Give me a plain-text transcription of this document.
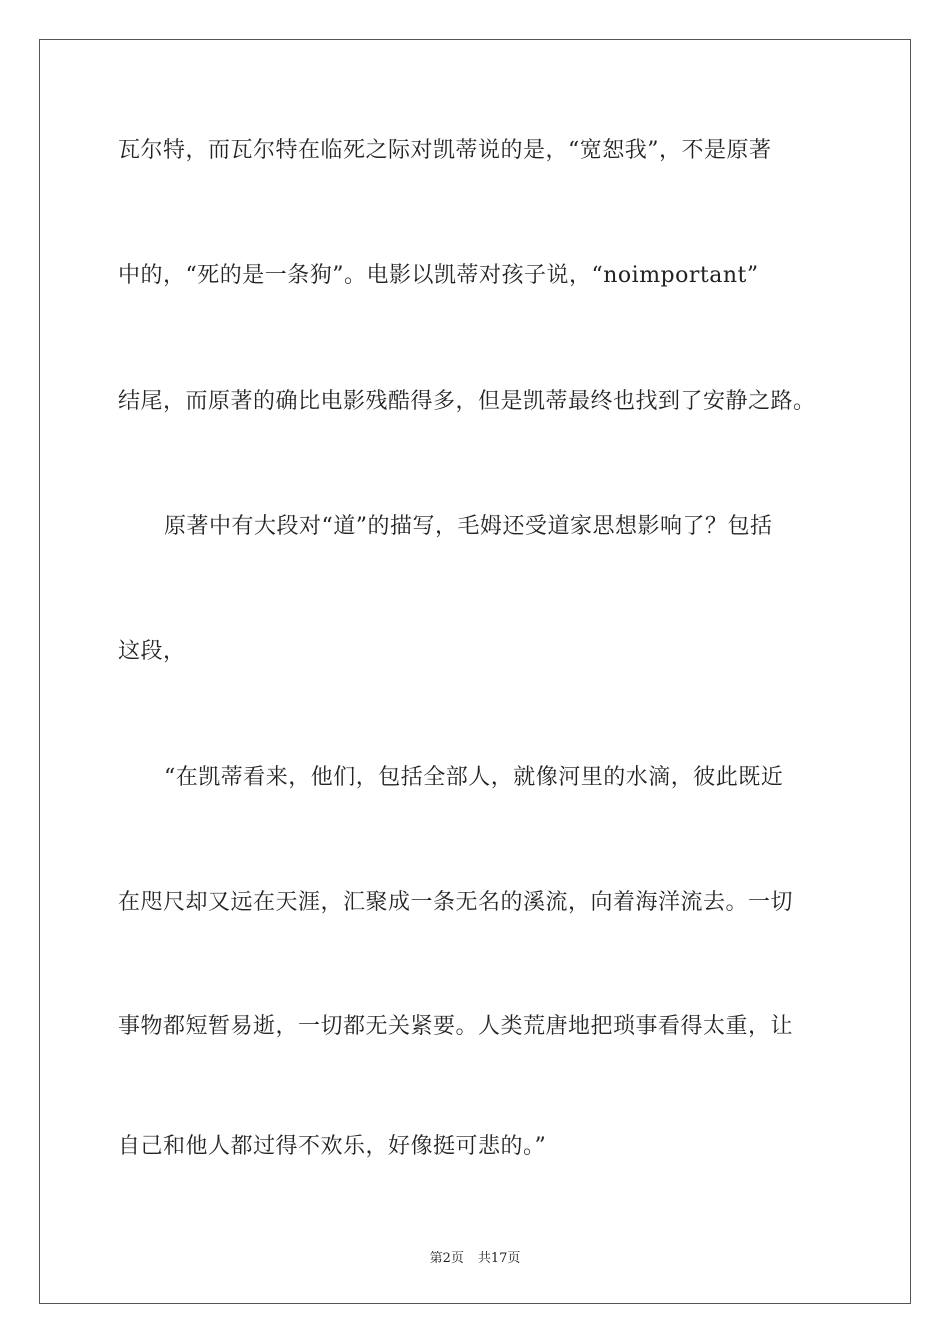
瓦尔特，而瓦尔特在临死之际对凯蒂说的是，“宽恕我”，不是原著
中的，“死的是一条狗”。电影以凯蒂对孩子说，“noimportant”
结尾，而原著的确比电影残酷得多，但是凯蒂最终也找到了安静之路。
原著中有大段对“道”的描写，毛姆还受道家思想影响了？包括
这段，
“在凯蒂看来，他们，包括全部人，就像河里的水滴，彼此既近
在咫尺却又远在天涯，汇聚成一条无名的溪流，向着海洋流去。一切
事物都短暂易逝，一切都无关紧要。人类荒唐地把琐事看得太重，让
自己和他人都过得不欢乐，好像挺可悲的。”
第2页 共17页
